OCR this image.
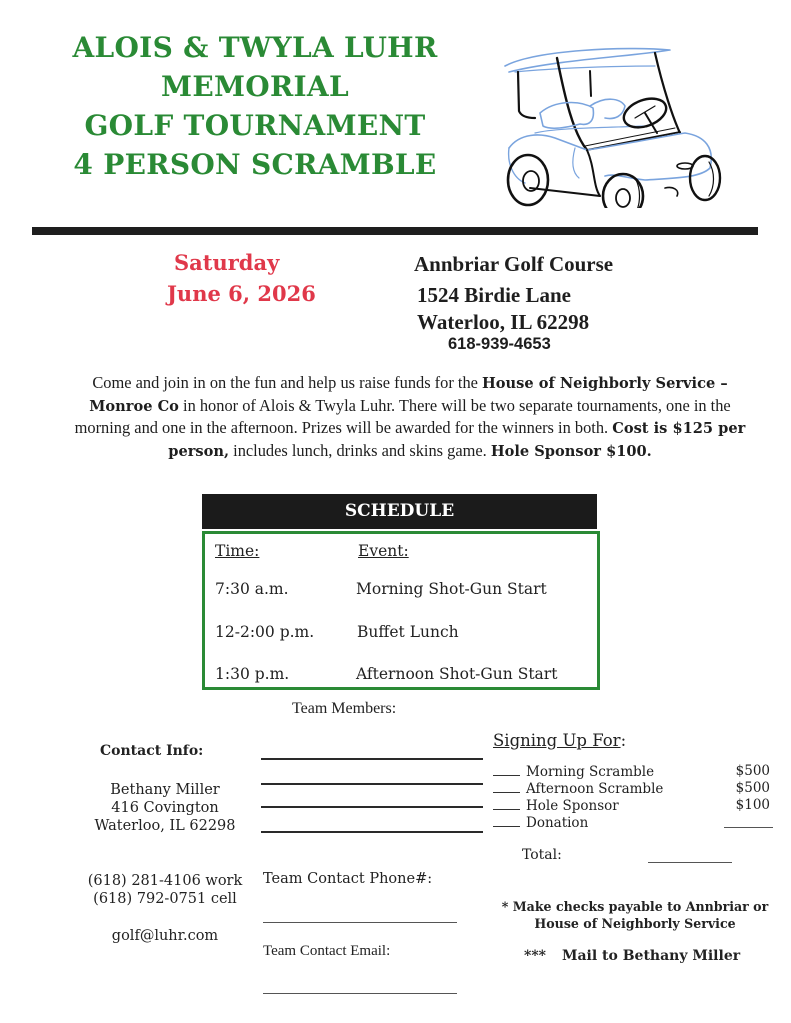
ALOIS & TWYLA LUHR
MEMORIAL
GOLF TOURNAMENT
4 PERSON SCRAMBLE
Saturday
June 6, 2026
Annbriar Golf Course
1524 Birdie Lane
Waterloo, IL 62298
618-939-4653
Come and join in on the fun and help us raise funds for the House of Neighborly Service – Monroe Co in honor of Alois & Twyla Luhr. There will be two separate tournaments, one in the morning and one in the afternoon. Prizes will be awarded for the winners in both. Cost is $125 per person, includes lunch, drinks and skins game. Hole Sponsor $100.
SCHEDULE
Time:	Event:
7:30 a.m.	Morning Shot-Gun Start
12-2:00 p.m.	Buffet Lunch
1:30 p.m.	Afternoon Shot-Gun Start
Team Members:
Contact Info:
Bethany Miller
416 Covington
Waterloo, IL 62298
(618) 281-4106 work
(618) 792-0751 cell
golf@luhr.com
Team Contact Phone#:
Team Contact Email:
Signing Up For:
Morning Scramble	$500
Afternoon Scramble	$500
Hole Sponsor	$100
Donation
Total:
* Make checks payable to Annbriar or
House of Neighborly Service
*** Mail to Bethany Miller
